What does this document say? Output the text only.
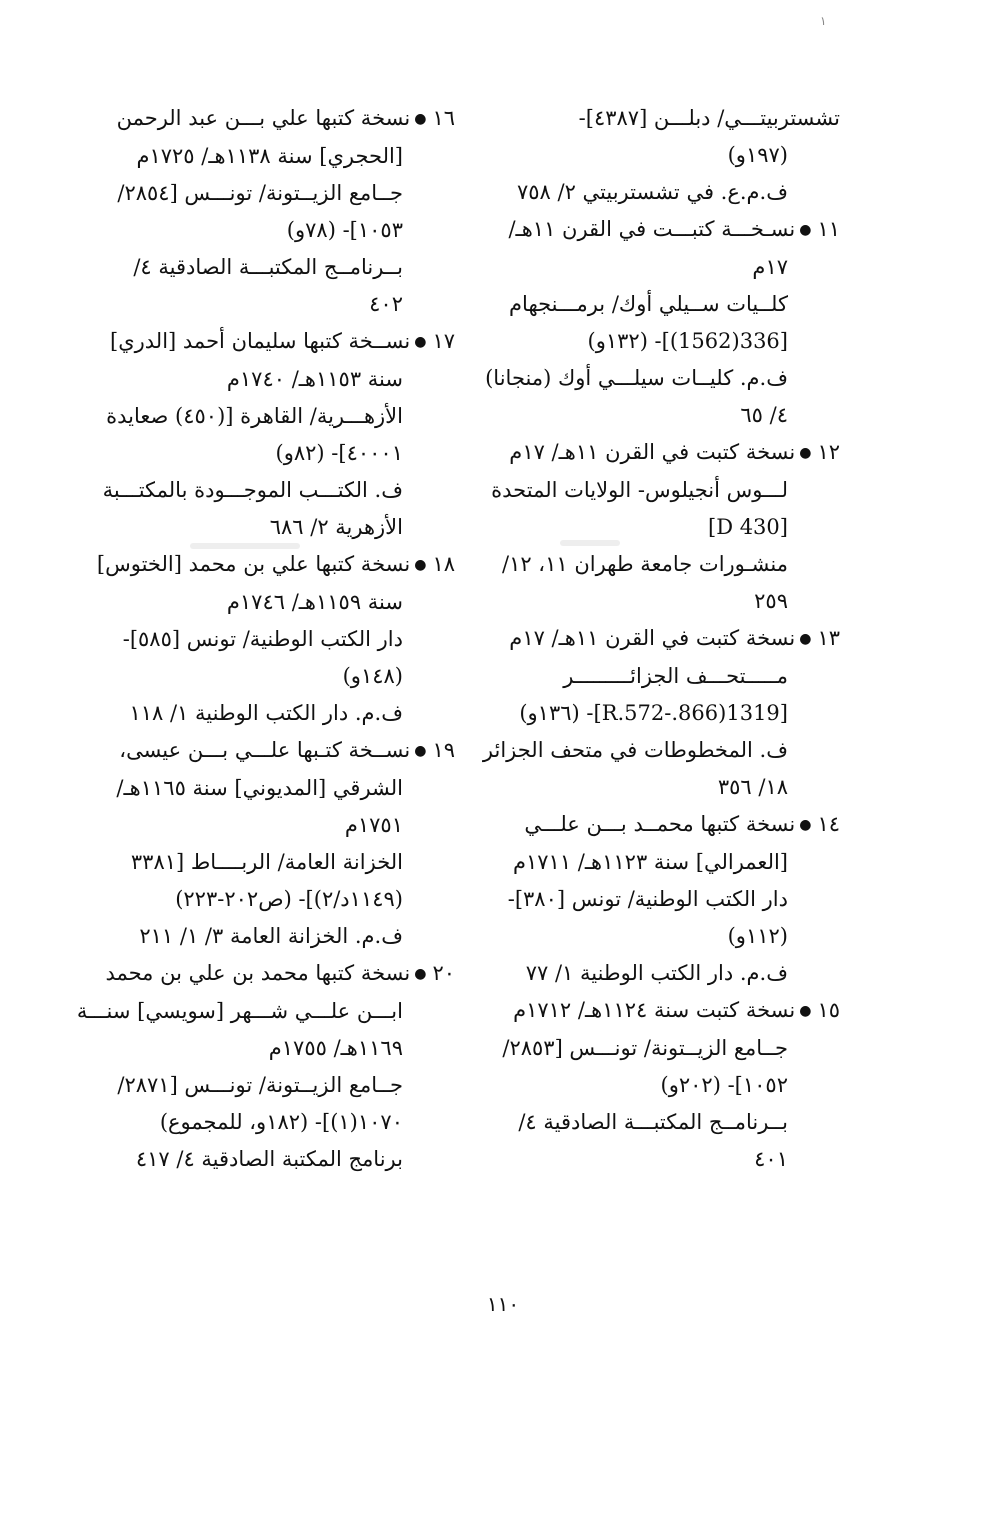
١
تشستربيتـــي/ دبلـــن [٤٣٨٧]-
(١٩٧و)
ف.م.ع. في تشستربيتي ٢/ ٧٥٨
١١●نسـخـــة كتبـــت في القرن ١١هـ/
١٧م
كلــيات ســيلي أوك/ برمـــنجهام
[336(1562)]- (١٣٢و)
ف.م. كليــات سيلـــي أوك (منجانا)
٤/ ٦٥
١٢●نسخة كتبت في القرن ١١هـ/ ١٧م
لـــوس أنجيلوس- الولايات المتحدة
[D 430]
منشـورات جامعة طهران ١١، ١٢/
٢٥٩
١٣●نسخة كتبت في القرن ١١هـ/ ١٧م
مـــــتحـــف الجزائـــــــــر
[1319(866.-R.572]- (١٣٦و)
ف. المخطوطات في متحف الجزائر
١٨/ ٣٥٦
١٤●نسخة كتبها محمــد بـــن علـــي
[العمرالي] سنة ١١٢٣هـ/ ١٧١١م
دار الكتب الوطنية/ تونس [٣٨٠]-
(١١٢و)
ف.م. دار الكتب الوطنية ١/ ٧٧
١٥●نسخة كتبت سنة ١١٢٤هـ/ ١٧١٢م
جــامع الزيــتونة/ تونـــس [٢٨٥٣/
١٠٥٢]- (٢٠٢و)
بــرنامــج المكتبـــة الصادقية ٤/
٤٠١
١٦●نسخة كتبها علي بـــن عبد الرحمن
[الحجري] سنة ١١٣٨هـ/ ١٧٢٥م
جــامع الزيــتونة/ تونـــس [٢٨٥٤/
١٠٥٣]- (٧٨و)
بــرنامــج المكتبـــة الصادقية ٤/
٤٠٢
١٧●نســخة كتبها سليمان أحمد [الدري]
سنة ١١٥٣هـ/ ١٧٤٠م
الأزهـــرية/ القاهرة [(٤٥٠) صعايدة
٤٠٠٠١]- (٨٢و)
ف. الكتـــب الموجـــودة بالمكتـــبة
الأزهرية ٢/ ٦٨٦
١٨●نسخة كتبها علي بن محمد [الختوس]
سنة ١١٥٩هـ/ ١٧٤٦م
دار الكتب الوطنية/ تونس [٥٨٥]-
(١٤٨و)
ف.م. دار الكتب الوطنية ١/ ١١٨
١٩●نســخة كتـبها علـــي بـــن عيسى،
الشرقي [المديوني] سنة ١١٦٥هـ/
١٧٥١م
الخزانة العامة/ الربــــاط [٣٣٨١
(١١٤٩د/٢)]- (ص٢٠٢-٢٢٣)
ف.م. الخزانة العامة ٣/ ١/ ٢١١
٢٠●نسخة كتبها محمد بن علي بن محمد
ابـــن علـــي شـــهر [سويسي] سنـــة
١١٦٩هـ/ ١٧٥٥م
جــامع الزيــتونة/ تونـــس [٢٨٧١/
١٠٧٠(١)]- (١٨٢و، للمجموع)
برنامج المكتبة الصادقية ٤/ ٤١٧
١١٠
